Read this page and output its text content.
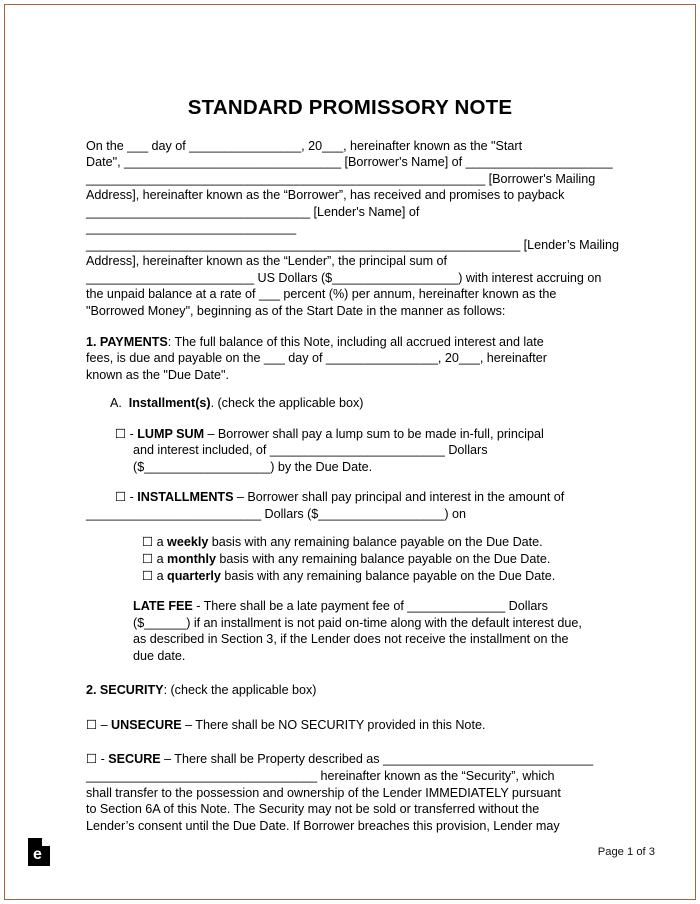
STANDARD PROMISSORY NOTE

On the ___ day of ________________, 20___, hereinafter known as the "Start

Date", _______________________________ [Borrower's Name] of _____________________

_________________________________________________________ [Borrower's Mailing

Address], hereinafter known as the “Borrower”, has received and promises to payback

________________________________ [Lender's Name] of ______________________________

______________________________________________________________ [Lender’s Mailing

Address], hereinafter known as the “Lender”, the principal sum of

________________________ US Dollars ($__________________) with interest accruing on

the unpaid balance at a rate of ___ percent (%) per annum, hereinafter known as the

"Borrowed Money", beginning as of the Start Date in the manner as follows:

1. PAYMENTS: The full balance of this Note, including all accrued interest and late

fees, is due and payable on the ___ day of ________________, 20___, hereinafter

known as the "Due Date".

A. Installment(s). (check the applicable box)

☐ - LUMP SUM – Borrower shall pay a lump sum to be made in-full, principal

and interest included, of _________________________ Dollars

($__________________) by the Due Date.

☐ - INSTALLMENTS – Borrower shall pay principal and interest in the amount of

_________________________ Dollars ($__________________) on

☐ a weekly basis with any remaining balance payable on the Due Date.

☐ a monthly basis with any remaining balance payable on the Due Date.

☐ a quarterly basis with any remaining balance payable on the Due Date.

LATE FEE - There shall be a late payment fee of ______________ Dollars

($______) if an installment is not paid on-time along with the default interest due,

as described in Section 3, if the Lender does not receive the installment on the

due date.

2. SECURITY: (check the applicable box)

☐ – UNSECURE – There shall be NO SECURITY provided in this Note.

☐ - SECURE – There shall be Property described as ______________________________

_________________________________ hereinafter known as the “Security”, which

shall transfer to the possession and ownership of the Lender IMMEDIATELY pursuant

to Section 6A of this Note. The Security may not be sold or transferred without the

Lender’s consent until the Due Date. If Borrower breaches this provision, Lender may

e	Page 1 of 3
